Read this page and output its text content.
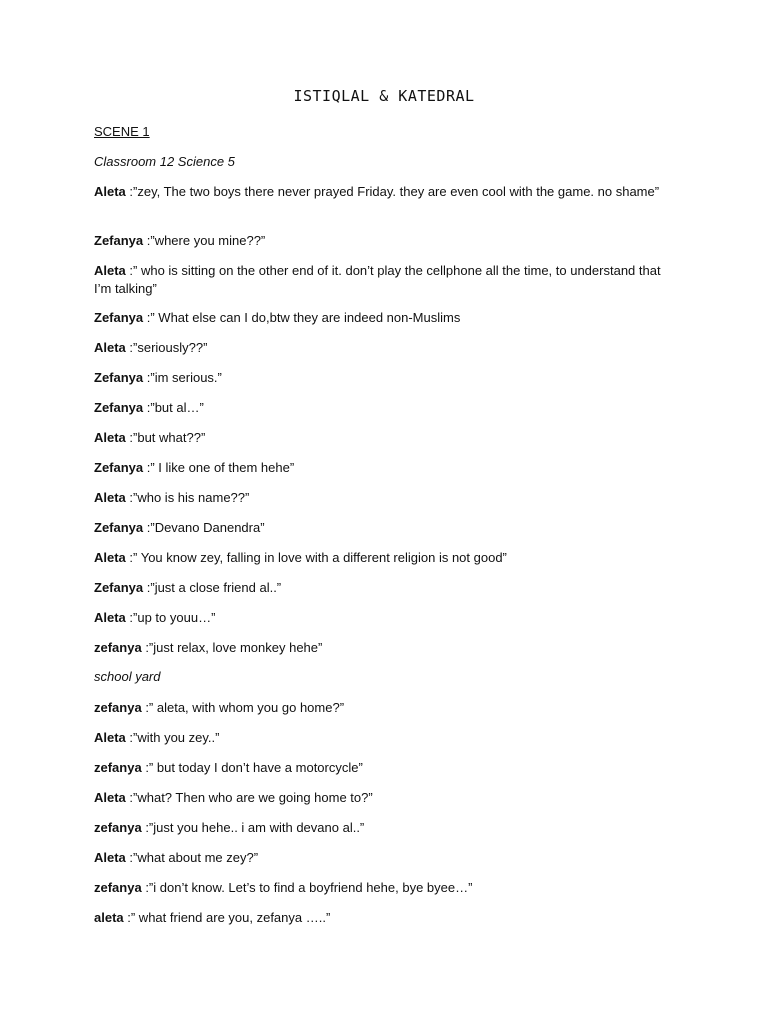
ISTIQLAL & KATEDRAL

SCENE 1

Classroom 12 Science 5

Aleta :”zey, The two boys there never prayed Friday. they are even cool with the game. no shame”

Zefanya :”where you mine??”

Aleta :” who is sitting on the other end of it. don’t play the cellphone all the time, to understand that I’m talking”

Zefanya :” What else can I do,btw they are indeed non-Muslims

Aleta :”seriously??”

Zefanya :”im serious.”

Zefanya :”but al…”

Aleta :”but what??”

Zefanya :” I like one of them hehe”

Aleta :”who is his name??”

Zefanya :”Devano Danendra”

Aleta :” You know zey, falling in love with a different religion is not good”

Zefanya :”just a close friend al..”

Aleta :”up to youu…”

zefanya :”just relax, love monkey hehe”

school yard

zefanya :” aleta, with whom you go home?”

Aleta :”with you zey..”

zefanya :” but today I don’t have a motorcycle”

Aleta :”what? Then who are we going home to?”

zefanya :”just you hehe.. i am with devano al..”

Aleta :”what about me zey?”

zefanya :”i don’t know. Let’s to find a boyfriend hehe, bye byee…”

aleta :” what friend are you, zefanya …..”
